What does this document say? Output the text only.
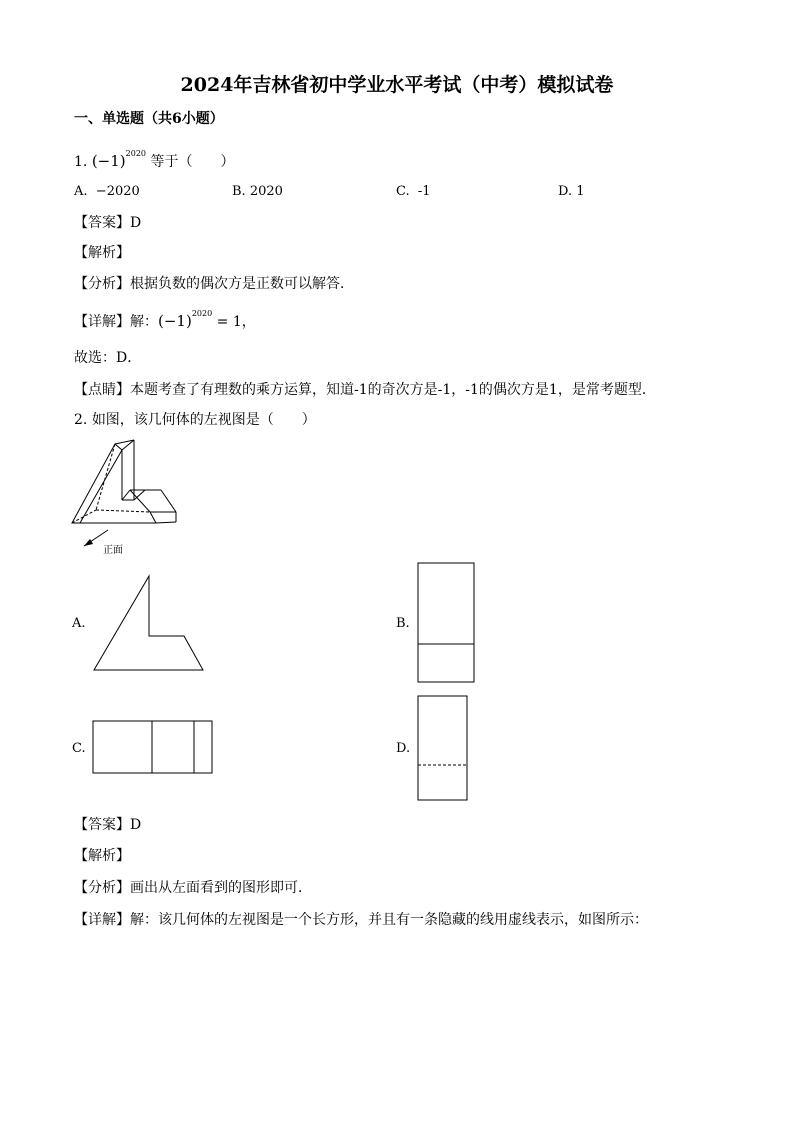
2024年吉林省初中学业水平考试（中考）模拟试卷
一、单选题（共6小题）
1. $(-1)^{2020}$ 等于（　　）
A. −2020	B. 2020	C. -1	D. 1
【答案】D
【解析】
【分析】根据负数的偶次方是正数可以解答．
【详解】解：$(-1)^{2020} = 1$，
故选：D．
【点睛】本题考查了有理数的乘方运算，知道-1的奇次方是-1，-1的偶次方是1，是常考题型．
2. 如图，该几何体的左视图是（　　）
正面
A.	B.
C.	D.
【答案】D
【解析】
【分析】画出从左面看到的图形即可．
【详解】解：该几何体的左视图是一个长方形，并且有一条隐藏的线用虚线表示，如图所示：
